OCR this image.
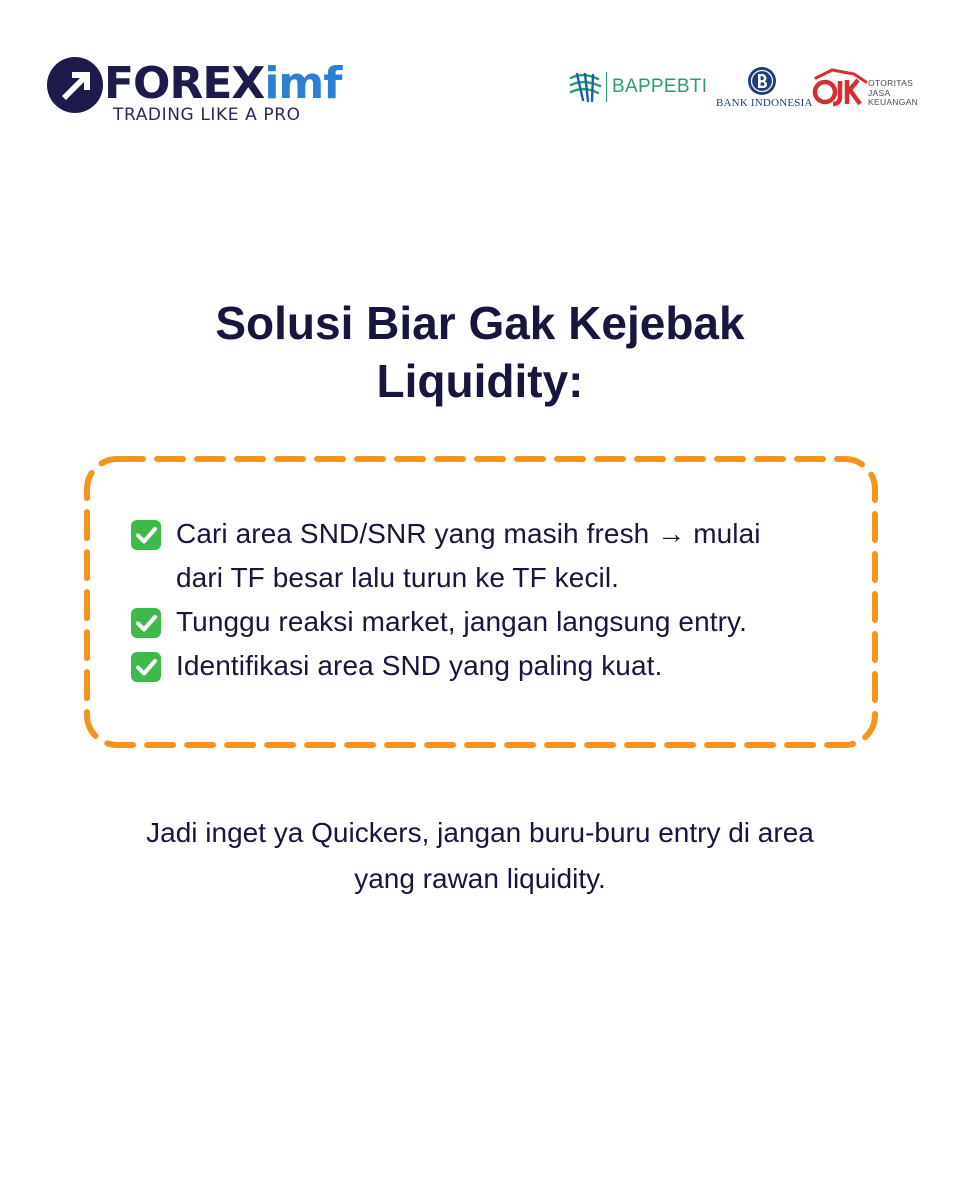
FOREXimf
TRADING LIKE A PRO
BAPPEBTI
BANK INDONESIA
OTORITAS
JASA
KEUANGAN
Solusi Biar Gak Kejebak
Liquidity:
Cari area SND/SNR yang masih fresh → mulai
dari TF besar lalu turun ke TF kecil.
Tunggu reaksi market, jangan langsung entry.
Identifikasi area SND yang paling kuat.

Jadi inget ya Quickers, jangan buru-buru entry di area
yang rawan liquidity.
